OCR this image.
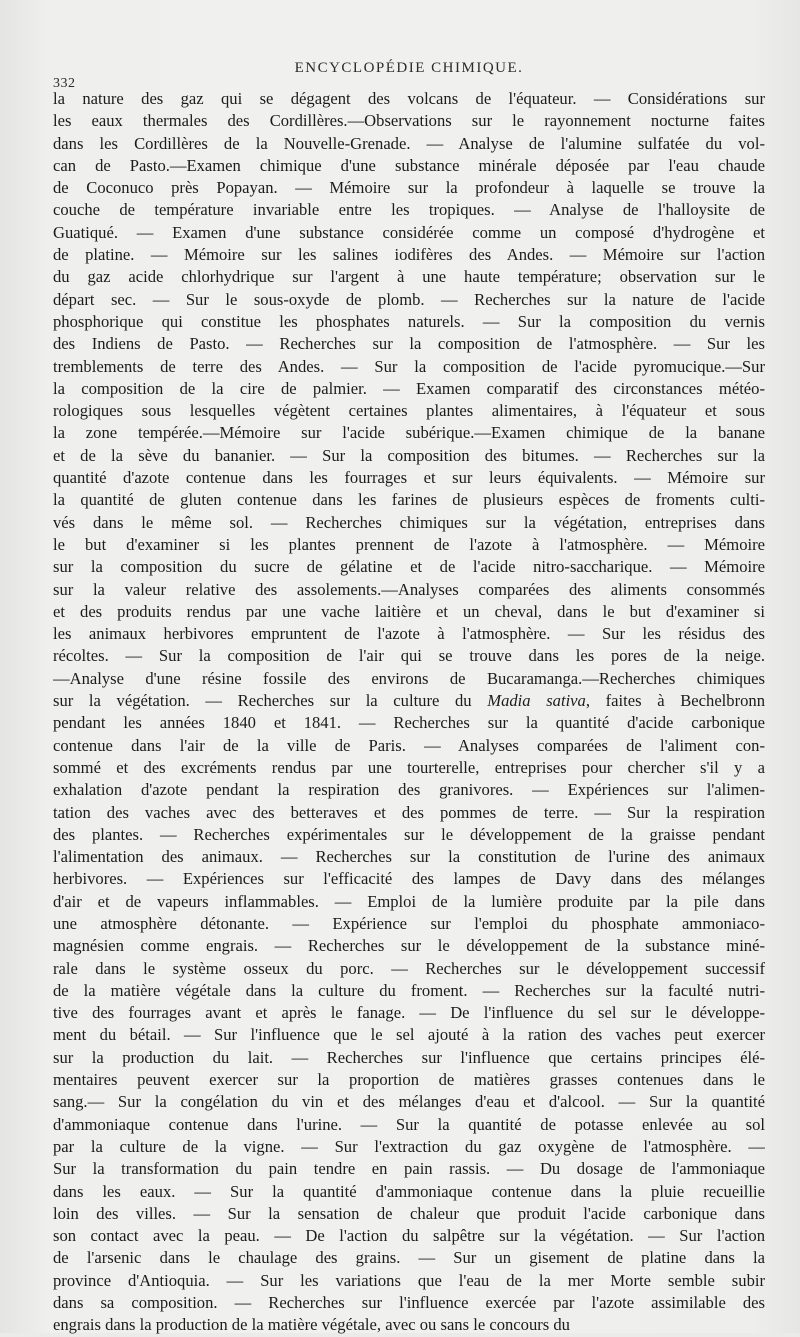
332
ENCYCLOPÉDIE CHIMIQUE.
la nature des gaz qui se dégagent des volcans de l'équateur. — Considérations sur
les eaux thermales des Cordillères.—Observations sur le rayonnement nocturne faites
dans les Cordillères de la Nouvelle-Grenade. — Analyse de l'alumine sulfatée du vol-
can de Pasto.—Examen chimique d'une substance minérale déposée par l'eau chaude
de Coconuco près Popayan. — Mémoire sur la profondeur à laquelle se trouve la
couche de température invariable entre les tropiques. — Analyse de l'halloysite de
Guatiqué. — Examen d'une substance considérée comme un composé d'hydrogène et
de platine. — Mémoire sur les salines iodifères des Andes. — Mémoire sur l'action
du gaz acide chlorhydrique sur l'argent à une haute température; observation sur le
départ sec. — Sur le sous-oxyde de plomb. — Recherches sur la nature de l'acide
phosphorique qui constitue les phosphates naturels. — Sur la composition du vernis
des Indiens de Pasto. — Recherches sur la composition de l'atmosphère. — Sur les
tremblements de terre des Andes. — Sur la composition de l'acide pyromucique.—Sur
la composition de la cire de palmier. — Examen comparatif des circonstances météo-
rologiques sous lesquelles végètent certaines plantes alimentaires, à l'équateur et sous
la zone tempérée.—Mémoire sur l'acide subérique.—Examen chimique de la banane
et de la sève du bananier. — Sur la composition des bitumes. — Recherches sur la
quantité d'azote contenue dans les fourrages et sur leurs équivalents. — Mémoire sur
la quantité de gluten contenue dans les farines de plusieurs espèces de froments culti-
vés dans le même sol. — Recherches chimiques sur la végétation, entreprises dans
le but d'examiner si les plantes prennent de l'azote à l'atmosphère. — Mémoire
sur la composition du sucre de gélatine et de l'acide nitro-saccharique. — Mémoire
sur la valeur relative des assolements.—Analyses comparées des aliments consommés
et des produits rendus par une vache laitière et un cheval, dans le but d'examiner si
les animaux herbivores empruntent de l'azote à l'atmosphère. — Sur les résidus des
récoltes. — Sur la composition de l'air qui se trouve dans les pores de la neige.
—Analyse d'une résine fossile des environs de Bucaramanga.—Recherches chimiques
sur la végétation. — Recherches sur la culture du Madia sativa, faites à Bechelbronn
pendant les années 1840 et 1841. — Recherches sur la quantité d'acide carbonique
contenue dans l'air de la ville de Paris. — Analyses comparées de l'aliment con-
sommé et des excréments rendus par une tourterelle, entreprises pour chercher s'il y a
exhalation d'azote pendant la respiration des granivores. — Expériences sur l'alimen-
tation des vaches avec des betteraves et des pommes de terre. — Sur la respiration
des plantes. — Recherches expérimentales sur le développement de la graisse pendant
l'alimentation des animaux. — Recherches sur la constitution de l'urine des animaux
herbivores. — Expériences sur l'efficacité des lampes de Davy dans des mélanges
d'air et de vapeurs inflammables. — Emploi de la lumière produite par la pile dans
une atmosphère détonante. — Expérience sur l'emploi du phosphate ammoniaco-
magnésien comme engrais. — Recherches sur le développement de la substance miné-
rale dans le système osseux du porc. — Recherches sur le développement successif
de la matière végétale dans la culture du froment. — Recherches sur la faculté nutri-
tive des fourrages avant et après le fanage. — De l'influence du sel sur le développe-
ment du bétail. — Sur l'influence que le sel ajouté à la ration des vaches peut exercer
sur la production du lait. — Recherches sur l'influence que certains principes élé-
mentaires peuvent exercer sur la proportion de matières grasses contenues dans le
sang.— Sur la congélation du vin et des mélanges d'eau et d'alcool. — Sur la quantité
d'ammoniaque contenue dans l'urine. — Sur la quantité de potasse enlevée au sol
par la culture de la vigne. — Sur l'extraction du gaz oxygène de l'atmosphère. —
Sur la transformation du pain tendre en pain rassis. — Du dosage de l'ammoniaque
dans les eaux. — Sur la quantité d'ammoniaque contenue dans la pluie recueillie
loin des villes. — Sur la sensation de chaleur que produit l'acide carbonique dans
son contact avec la peau. — De l'action du salpêtre sur la végétation. — Sur l'action
de l'arsenic dans le chaulage des grains. — Sur un gisement de platine dans la
province d'Antioquia. — Sur les variations que l'eau de la mer Morte semble subir
dans sa composition. — Recherches sur l'influence exercée par l'azote assimilable des
engrais dans la production de la matière végétale, avec ou sans le concours du
